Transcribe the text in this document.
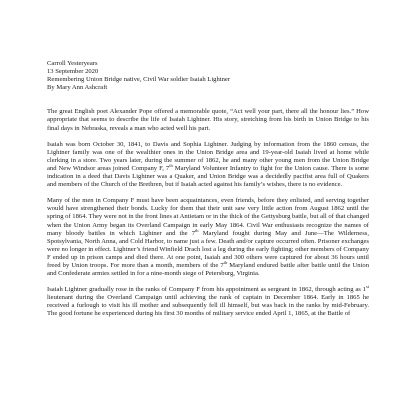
Carroll Yesteryears
13 September 2020
Remembering Union Bridge native, Civil War soldier Isaiah Lightner
By Mary Ann Ashcraft

The great English poet Alexander Pope offered a memorable quote, “Act well your part, there all the honour lies.” How appropriate that seems to describe the life of Isaiah Lightner. His story, stretching from his birth in Union Bridge to his final days in Nebraska, reveals a man who acted well his part.

Isaiah was born October 30, 1841, to Davis and Sophia Lightner. Judging by information from the 1860 census, the Lightner family was one of the wealthier ones in the Union Bridge area and 19-year-old Isaiah lived at home while clerking in a store. Two years later, during the summer of 1862, he and many other young men from the Union Bridge and New Windsor areas joined Company F, 7th Maryland Volunteer Infantry to fight for the Union cause. There is some indication in a deed that Davis Lightner was a Quaker, and Union Bridge was a decidedly pacifist area full of Quakers and members of the Church of the Brethren, but if Isaiah acted against his family’s wishes, there is no evidence.

Many of the men in Company F must have been acquaintances, even friends, before they enlisted, and serving together would have strengthened their bonds. Lucky for them that their unit saw very little action from August 1862 until the spring of 1864. They were not in the front lines at Antietam or in the thick of the Gettysburg battle, but all of that changed when the Union Army began its Overland Campaign in early May 1864. Civil War enthusiasts recognize the names of many bloody battles in which Lightner and the 7th Maryland fought during May and June—The Wilderness, Spotsylvania, North Anna, and Cold Harbor, to name just a few. Death and/or capture occurred often. Prisoner exchanges were no longer in effect. Lightner’s friend Winfield Drach lost a leg during the early fighting; other members of Company F ended up in prison camps and died there. At one point, Isaiah and 300 others were captured for about 36 hours until freed by Union troops. For more than a month, members of the 7th Maryland endured battle after battle until the Union and Confederate armies settled in for a nine-month siege of Petersburg, Virginia.

Isaiah Lightner gradually rose in the ranks of Company F from his appointment as sergeant in 1862, through acting as 1st lieutenant during the Overland Campaign until achieving the rank of captain in December 1864. Early in 1865 he received a furlough to visit his ill mother and subsequently fell ill himself, but was back in the ranks by mid-February. The good fortune he experienced during his first 30 months of military service ended April 1, 1865, at the Battle of
